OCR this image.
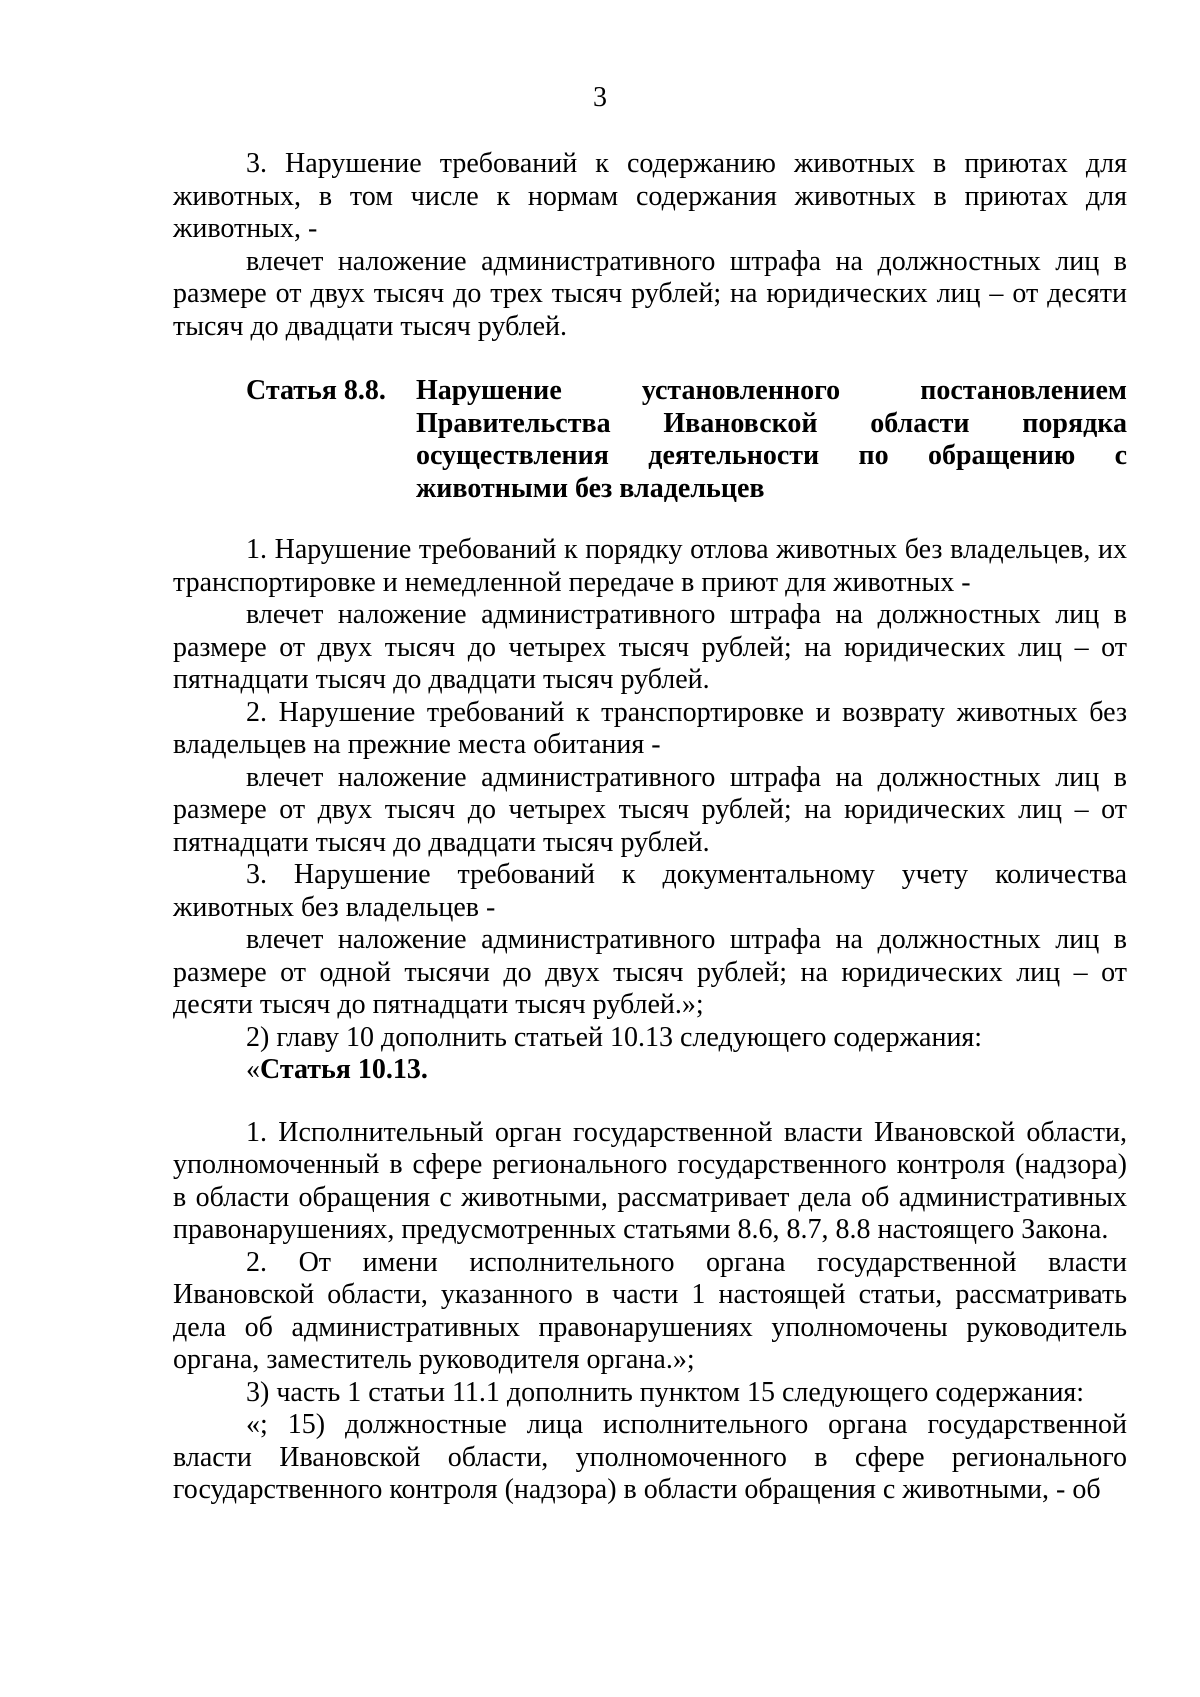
3

3. Нарушение требований к содержанию животных в приютах для животных, в том числе к нормам содержания животных в приютах для животных, -

влечет наложение административного штрафа на должностных лиц в размере от двух тысяч до трех тысяч рублей; на юридических лиц – от десяти тысяч до двадцати тысяч рублей.

Статья 8.8.	Нарушение установленного постановлением Правительства Ивановской области порядка осуществления деятельности по обращению с животными без владельцев

1. Нарушение требований к порядку отлова животных без владельцев, их транспортировке и немедленной передаче в приют для животных -

влечет наложение административного штрафа на должностных лиц в размере от двух тысяч до четырех тысяч рублей; на юридических лиц – от пятнадцати тысяч до двадцати тысяч рублей.

2. Нарушение требований к транспортировке и возврату животных без владельцев на прежние места обитания -

влечет наложение административного штрафа на должностных лиц в размере от двух тысяч до четырех тысяч рублей; на юридических лиц – от пятнадцати тысяч до двадцати тысяч рублей.

3. Нарушение требований к документальному учету количества животных без владельцев -

влечет наложение административного штрафа на должностных лиц в размере от одной тысячи до двух тысяч рублей; на юридических лиц – от десяти тысяч до пятнадцати тысяч рублей.»;

2) главу 10 дополнить статьей 10.13 следующего содержания:

«Статья 10.13.

1. Исполнительный орган государственной власти Ивановской области, уполномоченный в сфере регионального государственного контроля (надзора) в области обращения с животными, рассматривает дела об административных правонарушениях, предусмотренных статьями 8.6, 8.7, 8.8 настоящего Закона.

2. От имени исполнительного органа государственной власти Ивановской области, указанного в части 1 настоящей статьи, рассматривать дела об административных правонарушениях уполномочены руководитель органа, заместитель руководителя органа.»;

3) часть 1 статьи 11.1 дополнить пунктом 15 следующего содержания:

«; 15) должностные лица исполнительного органа государственной власти Ивановской области, уполномоченного в сфере регионального государственного контроля (надзора) в области обращения с животными, - об
